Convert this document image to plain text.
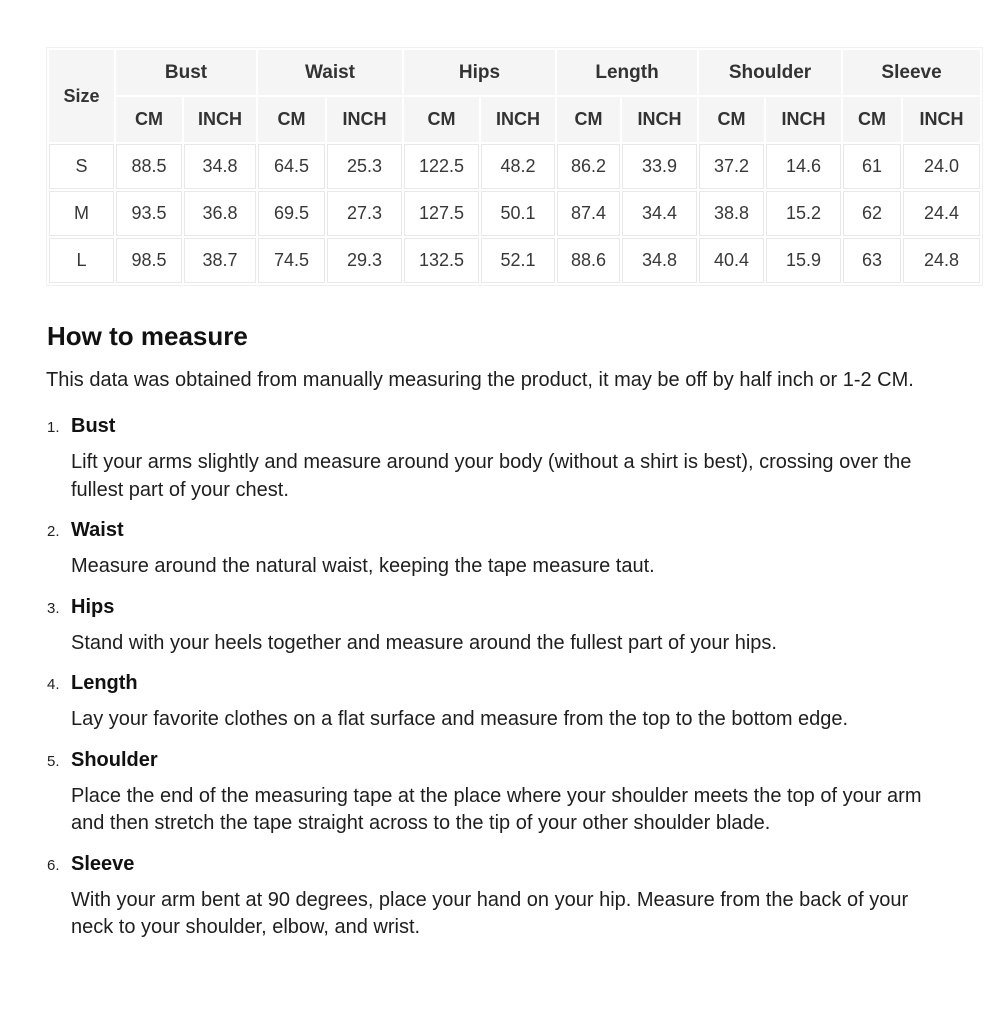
Size	Bust		Waist		Hips		Length		Shoulder		Sleeve	
	CM	INCH	CM	INCH	CM	INCH	CM	INCH	CM	INCH	CM	INCH
S	88.5	34.8	64.5	25.3	122.5	48.2	86.2	33.9	37.2	14.6	61	24.0
M	93.5	36.8	69.5	27.3	127.5	50.1	87.4	34.4	38.8	15.2	62	24.4
L	98.5	38.7	74.5	29.3	132.5	52.1	88.6	34.8	40.4	15.9	63	24.8
How to measure

This data was obtained from manually measuring the product, it may be off by half inch or 1-2 CM.

1. Bust

Lift your arms slightly and measure around your body (without a shirt is best), crossing over the fullest part of your chest.

2. Waist

Measure around the natural waist, keeping the tape measure taut.

3. Hips

Stand with your heels together and measure around the fullest part of your hips.

4. Length

Lay your favorite clothes on a flat surface and measure from the top to the bottom edge.

5. Shoulder

Place the end of the measuring tape at the place where your shoulder meets the top of your arm and then stretch the tape straight across to the tip of your other shoulder blade.

6. Sleeve

With your arm bent at 90 degrees, place your hand on your hip. Measure from the back of your neck to your shoulder, elbow, and wrist.
